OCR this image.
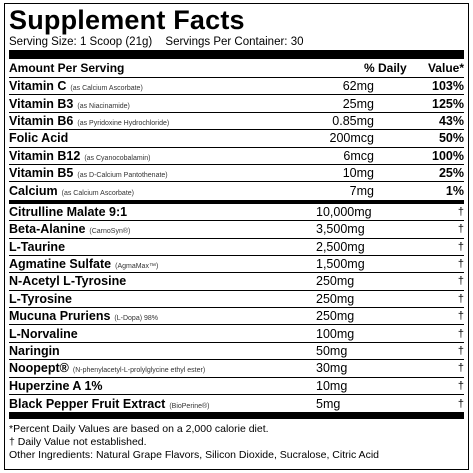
Supplement Facts
Serving Size: 1 Scoop (21g) Servings Per Container: 30
Amount Per Serving	% Daily	Value*
Vitamin C (as Calcium Ascorbate)	62mg	103%
Vitamin B3 (as Niacinamide)	25mg	125%
Vitamin B6 (as Pyridoxine Hydrochloride)	0.85mg	43%
Folic Acid	200mcg	50%
Vitamin B12 (as Cyanocobalamin)	6mcg	100%
Vitamin B5 (as D-Calcium Pantothenate)	10mg	25%
Calcium (as Calcium Ascorbate)	7mg	1%
Citrulline Malate 9:1	10,000mg	†
Beta-Alanine (CarnoSyn®)	3,500mg	†
L-Taurine	2,500mg	†
Agmatine Sulfate (AgmaMax™)	1,500mg	†
N-Acetyl L-Tyrosine	250mg	†
L-Tyrosine	250mg	†
Mucuna Pruriens (L-Dopa) 98%	250mg	†
L-Norvaline	100mg	†
Naringin	50mg	†
Noopept® (N-phenylacetyl-L-prolylglycine ethyl ester)	30mg	†
Huperzine A 1%	10mg	†
Black Pepper Fruit Extract (BioPerine®)	5mg	†
*Percent Daily Values are based on a 2,000 calorie diet.
† Daily Value not established.
Other Ingredients: Natural Grape Flavors, Silicon Dioxide, Sucralose, Citric Acid
